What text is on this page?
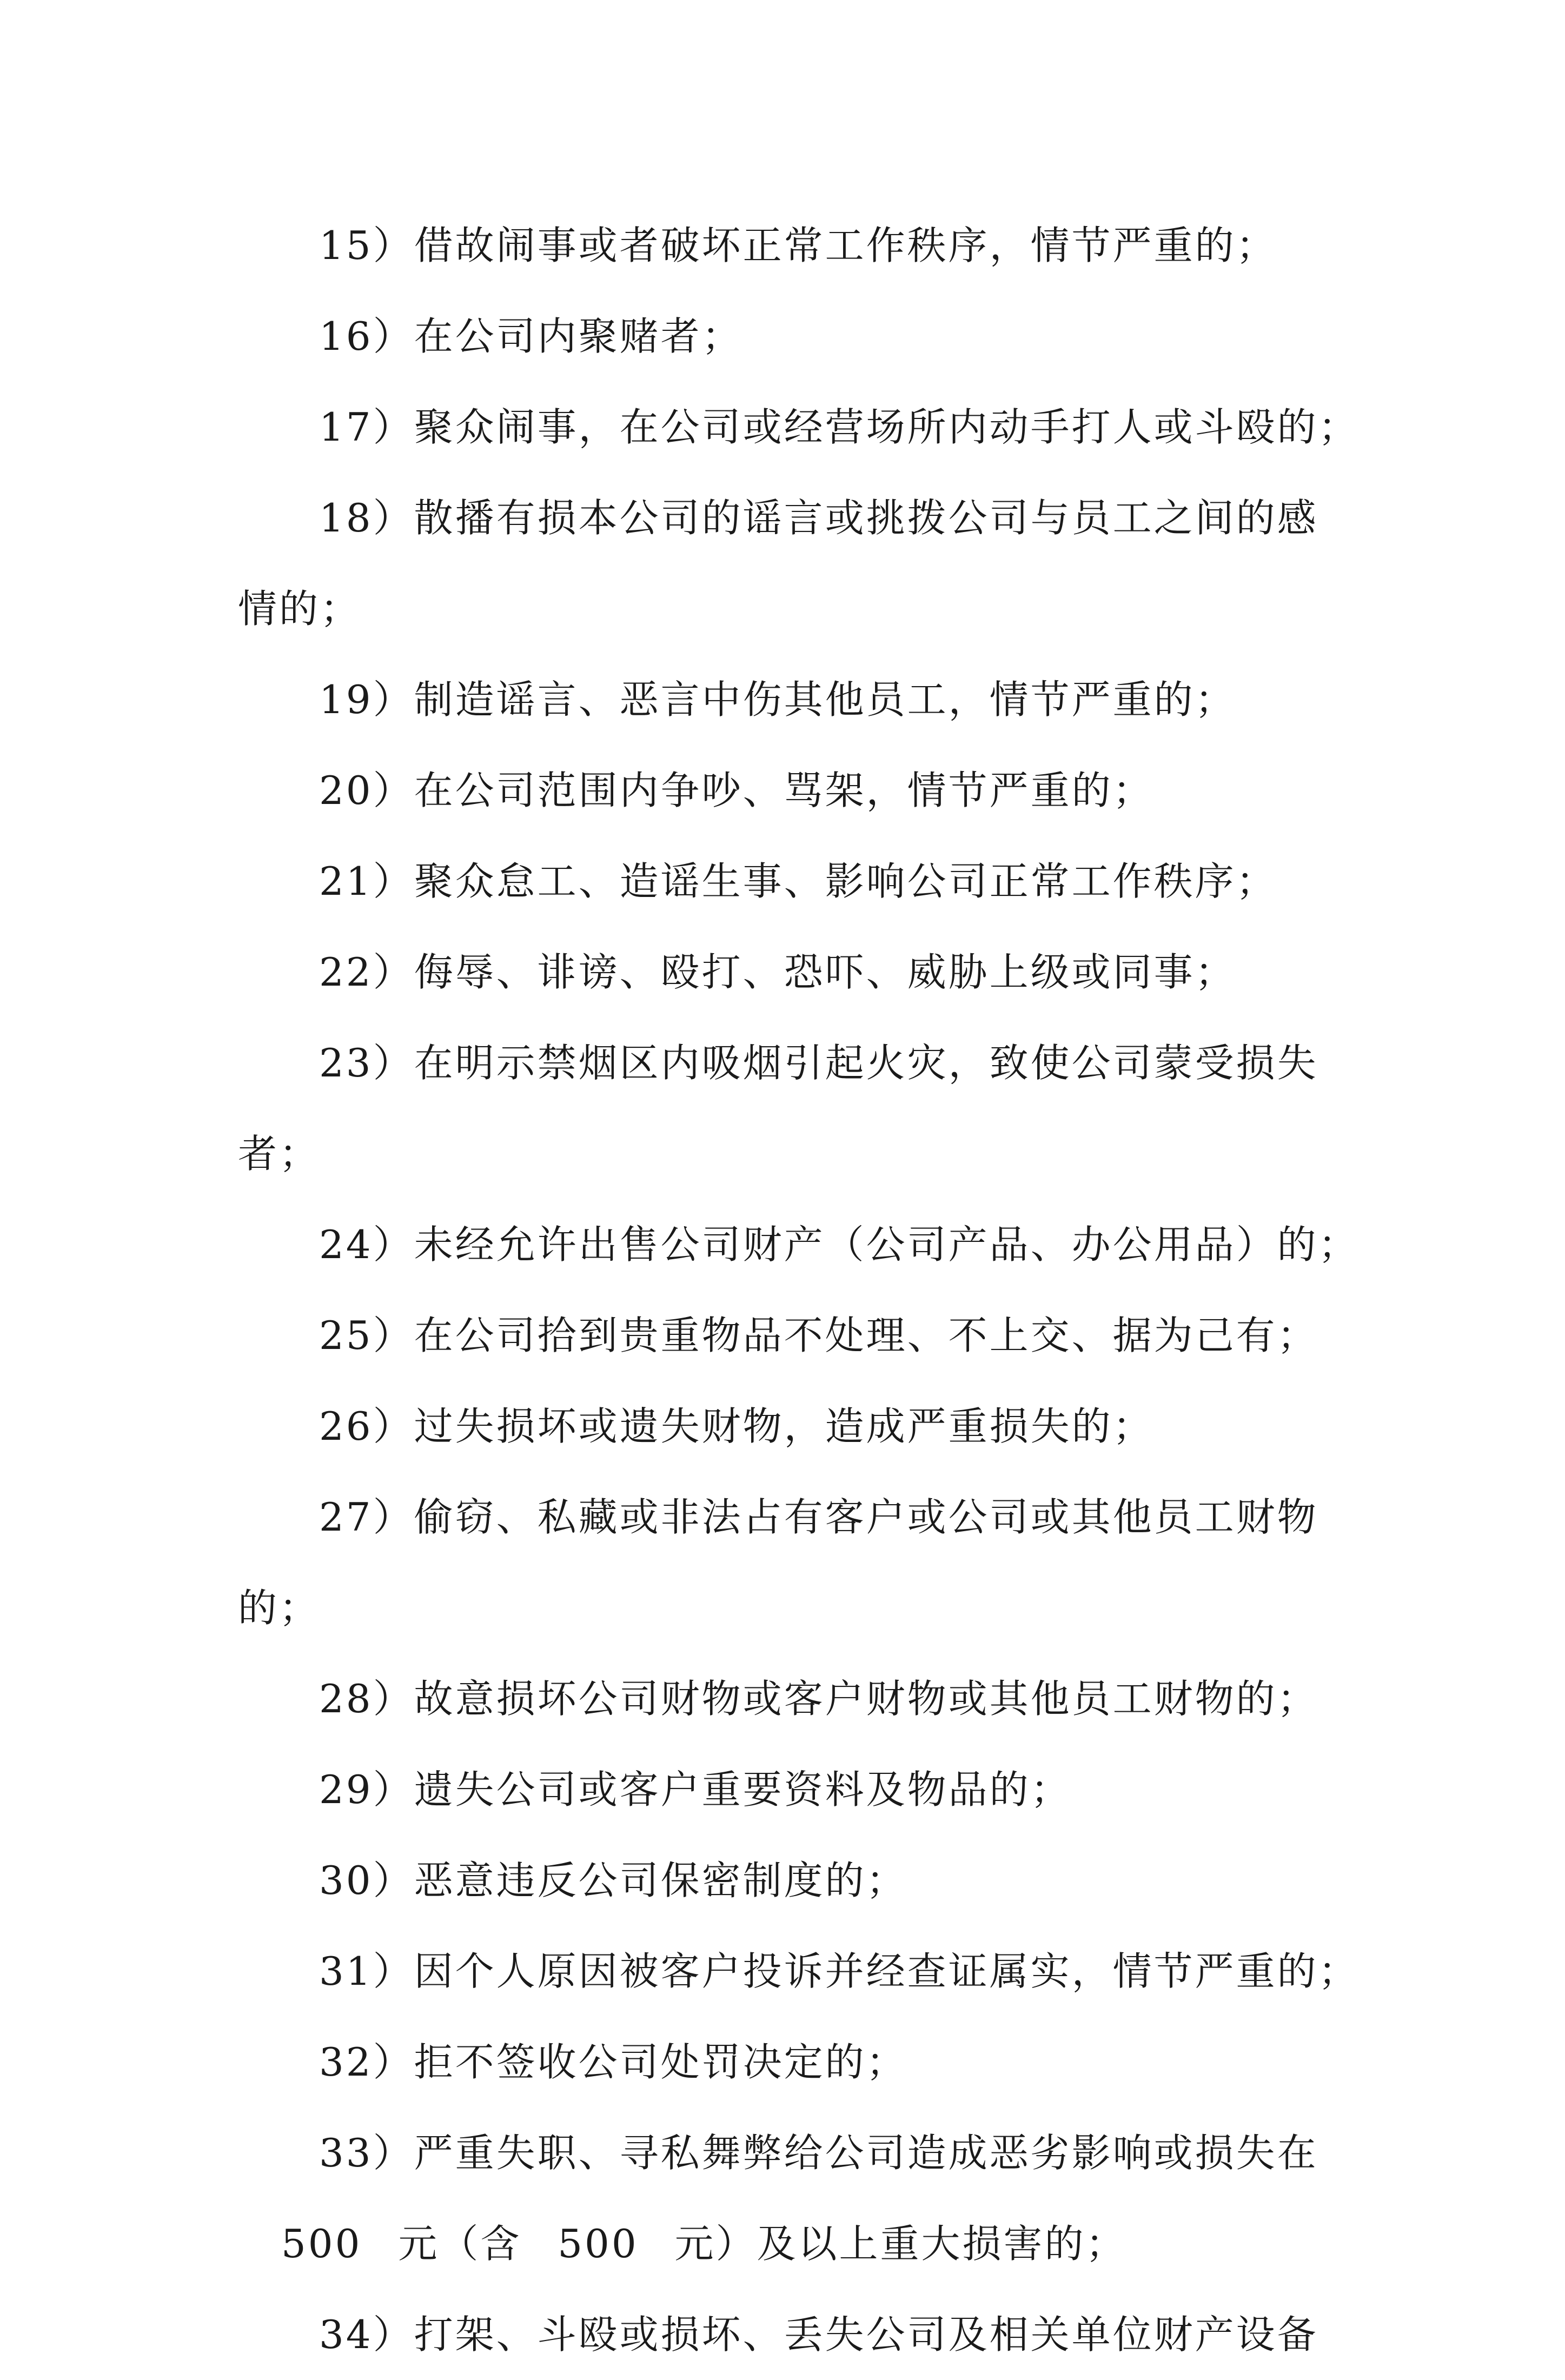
15）借故闹事或者破坏正常工作秩序，情节严重的；
16）在公司内聚赌者；
17）聚众闹事，在公司或经营场所内动手打人或斗殴的；
18）散播有损本公司的谣言或挑拨公司与员工之间的感
情的；
19）制造谣言、恶言中伤其他员工，情节严重的；
20）在公司范围内争吵、骂架，情节严重的；
21）聚众怠工、造谣生事、影响公司正常工作秩序；
22）侮辱、诽谤、殴打、恐吓、威胁上级或同事；
23）在明示禁烟区内吸烟引起火灾，致使公司蒙受损失
者；
24）未经允许出售公司财产（公司产品、办公用品）的；
25）在公司拾到贵重物品不处理、不上交、据为己有；
26）过失损坏或遗失财物，造成严重损失的；
27）偷窃、私藏或非法占有客户或公司或其他员工财物
的；
28）故意损坏公司财物或客户财物或其他员工财物的；
29）遗失公司或客户重要资料及物品的；
30）恶意违反公司保密制度的；
31）因个人原因被客户投诉并经查证属实，情节严重的；
32）拒不签收公司处罚决定的；
33）严重失职、寻私舞弊给公司造成恶劣影响或损失在
500 元（含 500 元）及以上重大损害的；
34）打架、斗殴或损坏、丢失公司及相关单位财产设备
